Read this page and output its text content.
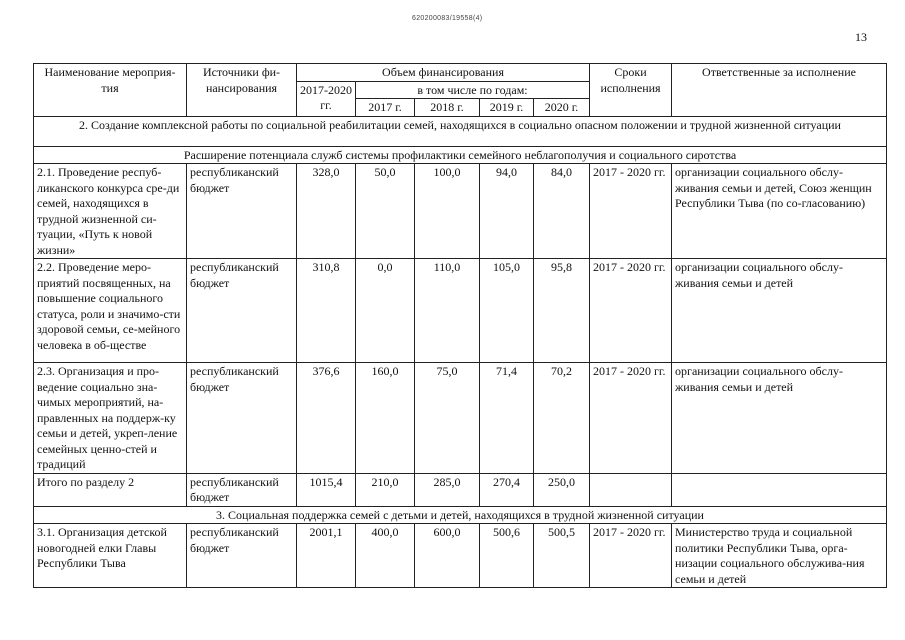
620200083/19558(4)
13
Наименование мероприя-тия	Источники фи-нансирования	Объем финансирования					Сроки исполнения	Ответственные за исполнение
		2017-2020 гг.	в том числе по годам:					
			2017 г.	2018 г.	2019 г.	2020 г.		
2. Создание комплексной работы по социальной реабилитации семей, находящихся в социально опасном положении и трудной жизненной ситуации								
Расширение потенциала служб системы профилактики семейного неблагополучия и социального сиротства								
2.1. Проведение респуб-ликанского конкурса сре-ди семей, находящихся в трудной жизненной си-туации, «Путь к новой жизни»	республиканский бюджет	328,0	50,0	100,0	94,0	84,0	2017 - 2020 гг.	организации социального обслу-живания семьи и детей, Союз женщин Республики Тыва (по со-гласованию)
2.2. Проведение меро-приятий посвященных, на повышение социального статуса, роли и значимо-сти здоровой семьи, се-мейного человека в об-ществе	республиканский бюджет	310,8	0,0	110,0	105,0	95,8	2017 - 2020 гг.	организации социального обслу-живания семьи и детей
2.3. Организация и про-ведение социально зна-чимых мероприятий, на-правленных на поддерж-ку семьи и детей, укреп-ление семейных ценно-стей и традиций	республиканский бюджет	376,6	160,0	75,0	71,4	70,2	2017 - 2020 гг.	организации социального обслу-живания семьи и детей
Итого по разделу 2	республиканский бюджет	1015,4	210,0	285,0	270,4	250,0		
3. Социальная поддержка семей с детьми и детей, находящихся в трудной жизненной ситуации								
3.1. Организация детской новогодней елки Главы Республики Тыва	республиканский бюджет	2001,1	400,0	600,0	500,6	500,5	2017 - 2020 гг.	Министерство труда и социальной политики Республики Тыва, орга-низации социального обслужива-ния семьи и детей
